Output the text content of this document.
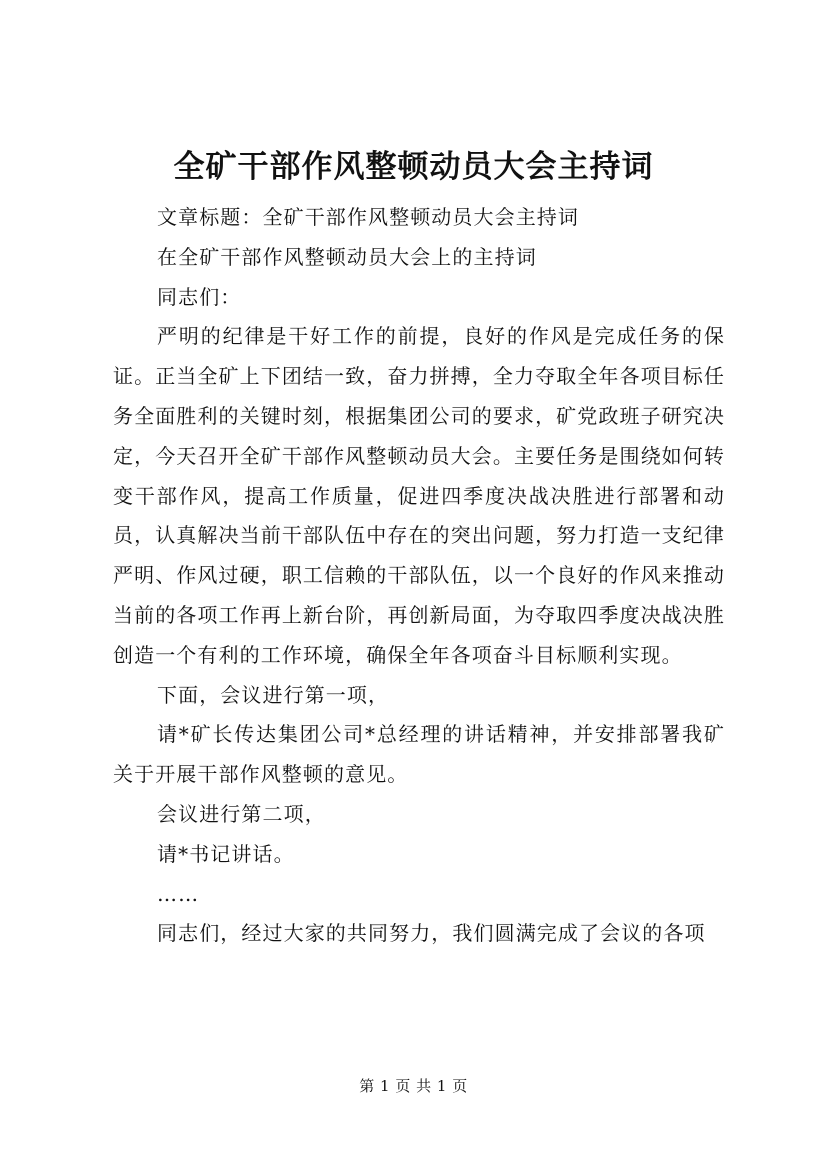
全矿干部作风整顿动员大会主持词

文章标题：全矿干部作风整顿动员大会主持词

在全矿干部作风整顿动员大会上的主持词

同志们：

严明的纪律是干好工作的前提，良好的作风是完成任务的保证。正当全矿上下团结一致，奋力拼搏，全力夺取全年各项目标任务全面胜利的关键时刻，根据集团公司的要求，矿党政班子研究决定，今天召开全矿干部作风整顿动员大会。主要任务是围绕如何转变干部作风，提高工作质量，促进四季度决战决胜进行部署和动员，认真解决当前干部队伍中存在的突出问题，努力打造一支纪律严明、作风过硬，职工信赖的干部队伍，以一个良好的作风来推动当前的各项工作再上新台阶，再创新局面，为夺取四季度决战决胜创造一个有利的工作环境，确保全年各项奋斗目标顺利实现。

下面，会议进行第一项，

请*矿长传达集团公司*总经理的讲话精神，并安排部署我矿关于开展干部作风整顿的意见。

会议进行第二项，

请*书记讲话。

……

同志们，经过大家的共同努力，我们圆满完成了会议的各项

第 1 页 共 1 页
